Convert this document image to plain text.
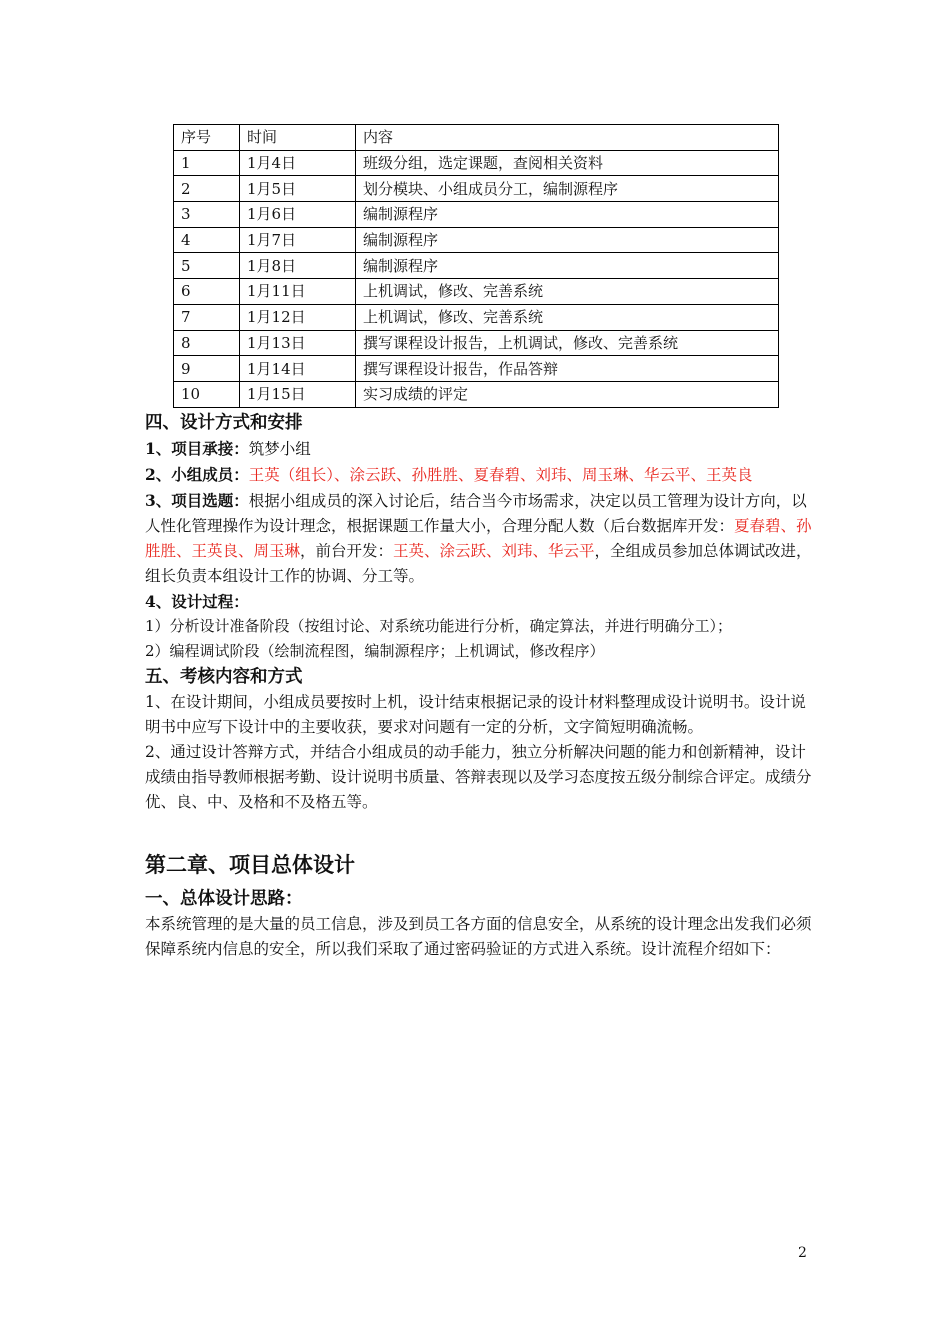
序号	时间	内容
1	1月4日	班级分组，选定课题，查阅相关资料
2	1月5日	划分模块、小组成员分工，编制源程序
3	1月6日	编制源程序
4	1月7日	编制源程序
5	1月8日	编制源程序
6	1月11日	上机调试，修改、完善系统
7	1月12日	上机调试，修改、完善系统
8	1月13日	撰写课程设计报告，上机调试，修改、完善系统
9	1月14日	撰写课程设计报告，作品答辩
10	1月15日	实习成绩的评定

四、设计方式和安排

1、项目承接：筑梦小组

2、小组成员：王英（组长）、涂云跃、孙胜胜、夏春碧、刘玮、周玉琳、华云平、王英良

3、项目选题：根据小组成员的深入讨论后，结合当今市场需求，决定以员工管理为设计方向，以人性化管理操作为设计理念，根据课题工作量大小，合理分配人数（后台数据库开发：夏春碧、孙胜胜、王英良、周玉琳，前台开发：王英、涂云跃、刘玮、华云平，全组成员参加总体调试改进，组长负责本组设计工作的协调、分工等。

4、设计过程：

1）分析设计准备阶段（按组讨论、对系统功能进行分析，确定算法，并进行明确分工）；

2）编程调试阶段（绘制流程图，编制源程序；上机调试，修改程序）

五、考核内容和方式

1、在设计期间，小组成员要按时上机，设计结束根据记录的设计材料整理成设计说明书。设计说明书中应写下设计中的主要收获，要求对问题有一定的分析，文字简短明确流畅。

2、通过设计答辩方式，并结合小组成员的动手能力，独立分析解决问题的能力和创新精神，设计成绩由指导教师根据考勤、设计说明书质量、答辩表现以及学习态度按五级分制综合评定。成绩分优、良、中、及格和不及格五等。

第二章、项目总体设计

一、总体设计思路：

本系统管理的是大量的员工信息，涉及到员工各方面的信息安全，从系统的设计理念出发我们必须保障系统内信息的安全，所以我们采取了通过密码验证的方式进入系统。设计流程介绍如下：

2
